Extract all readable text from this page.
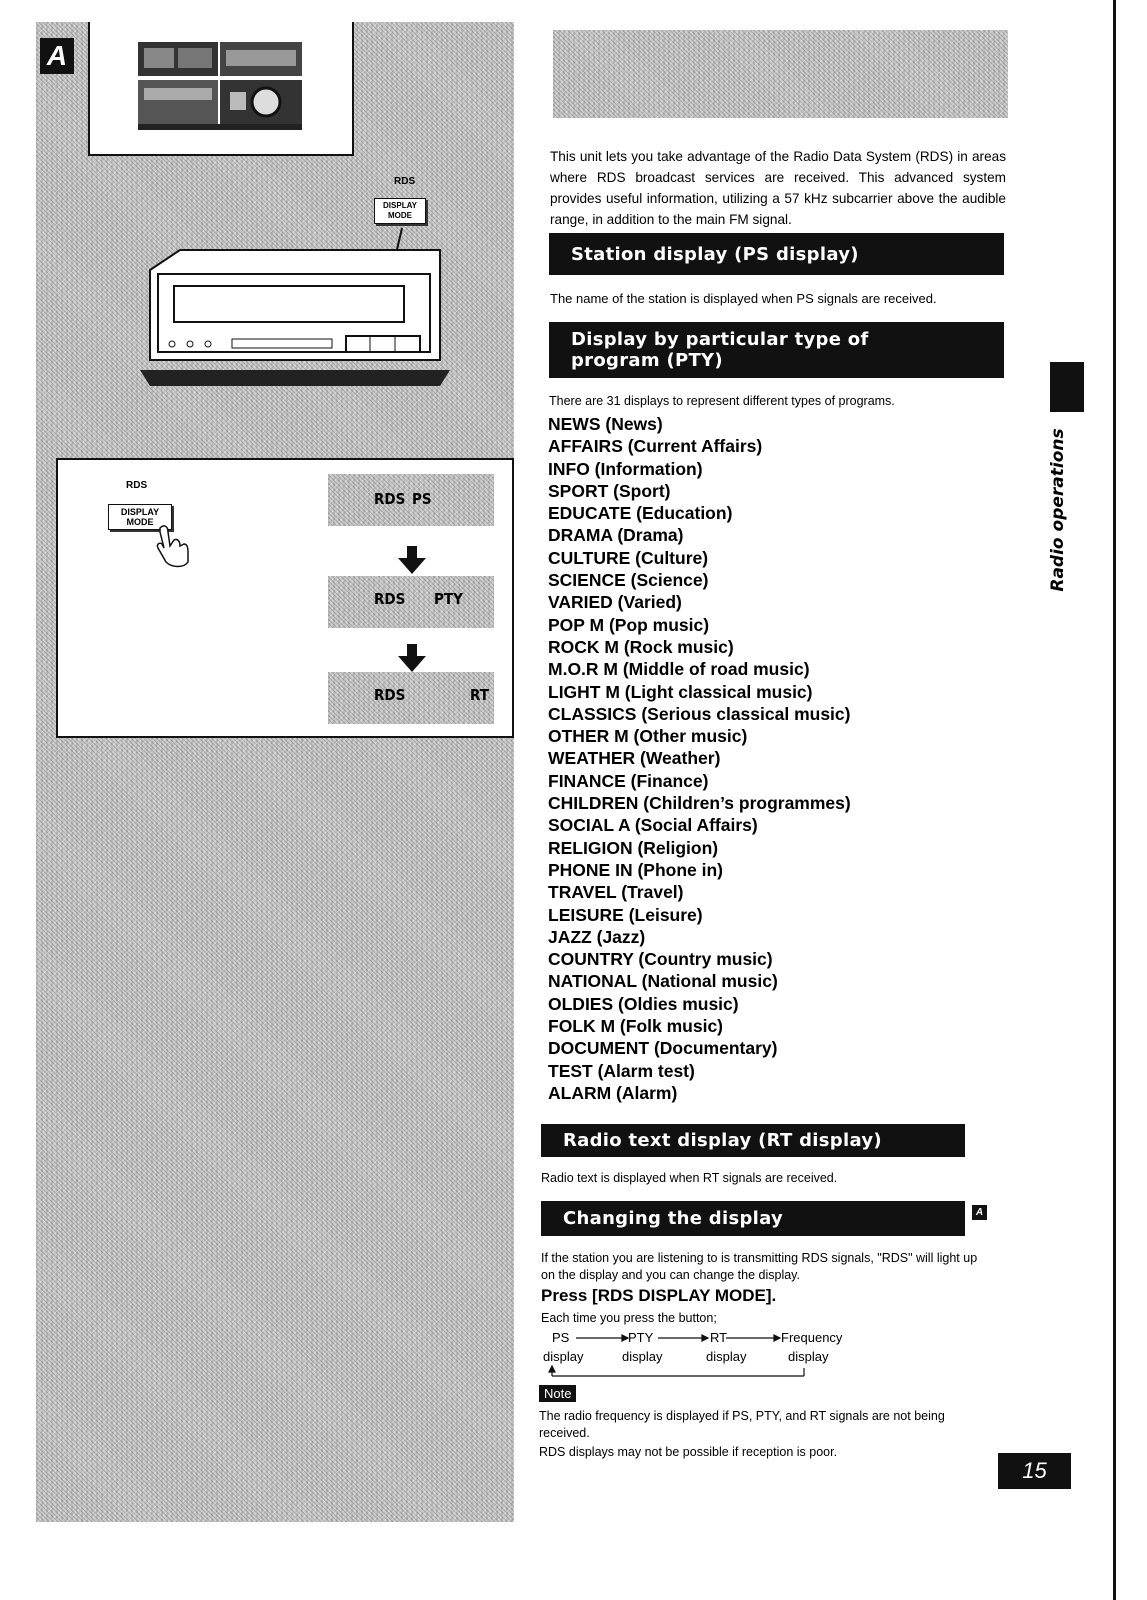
A
RDS
DISPLAY
MODE
RDS
DISPLAY
MODE
RDS PS
RDS PTY
RDS	RT
This unit lets you take advantage of the Radio Data System (RDS) in areas where RDS broadcast services are received. This advanced system provides useful information, utilizing a 57 kHz subcarrier above the audible range, in addition to the main FM signal.
Station display (PS display)
The name of the station is displayed when PS signals are received.
Display by particular type of program (PTY)
There are 31 displays to represent different types of programs.
NEWS (News)
AFFAIRS (Current Affairs)
INFO (Information)
SPORT (Sport)
EDUCATE (Education)
DRAMA (Drama)
CULTURE (Culture)
SCIENCE (Science)
VARIED (Varied)
POP M (Pop music)
ROCK M (Rock music)
M.O.R M (Middle of road music)
LIGHT M (Light classical music)
CLASSICS (Serious classical music)
OTHER M (Other music)
WEATHER (Weather)
FINANCE (Finance)
CHILDREN (Children’s programmes)
SOCIAL A (Social Affairs)
RELIGION (Religion)
PHONE IN (Phone in)
TRAVEL (Travel)
LEISURE (Leisure)
JAZZ (Jazz)
COUNTRY (Country music)
NATIONAL (National music)
OLDIES (Oldies music)
FOLK M (Folk music)
DOCUMENT (Documentary)
TEST (Alarm test)
ALARM (Alarm)
Radio text display (RT display)
Radio text is displayed when RT signals are received.
Changing the display	A
If the station you are listening to is transmitting RDS signals, "RDS" will light up on the display and you can change the display.
Press [RDS DISPLAY MODE].
Each time you press the button;
PS	PTY	RT	Frequency
display	display	display	display
Note
The radio frequency is displayed if PS, PTY, and RT signals are not being received.
RDS displays may not be possible if reception is poor.
Radio operations
15
